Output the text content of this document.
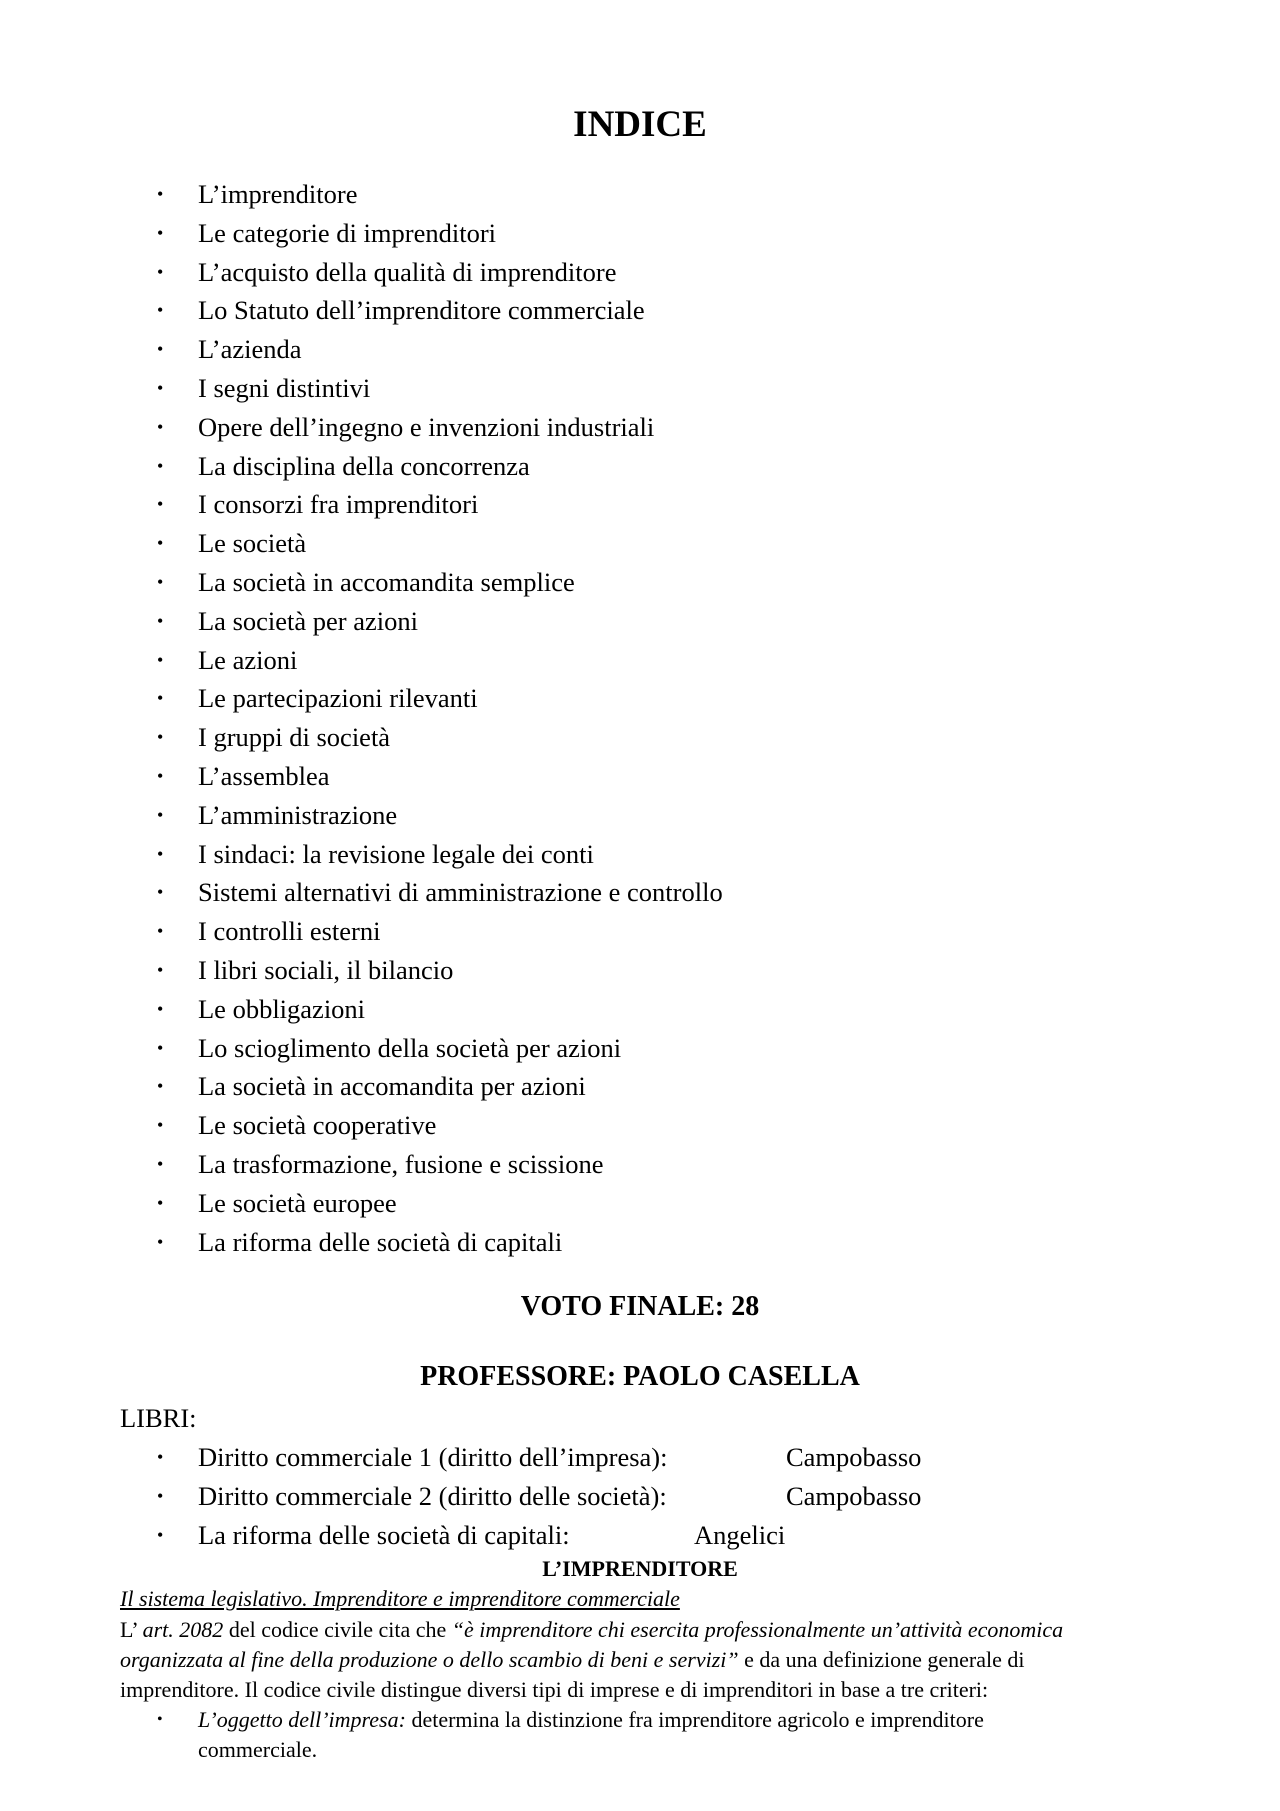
INDICE
• L’imprenditore
• Le categorie di imprenditori
• L’acquisto della qualità di imprenditore
• Lo Statuto dell’imprenditore commerciale
• L’azienda
• I segni distintivi
• Opere dell’ingegno e invenzioni industriali
• La disciplina della concorrenza
• I consorzi fra imprenditori
• Le società
• La società in accomandita semplice
• La società per azioni
• Le azioni
• Le partecipazioni rilevanti
• I gruppi di società
• L’assemblea
• L’amministrazione
• I sindaci: la revisione legale dei conti
• Sistemi alternativi di amministrazione e controllo
• I controlli esterni
• I libri sociali, il bilancio
• Le obbligazioni
• Lo scioglimento della società per azioni
• La società in accomandita per azioni
• Le società cooperative
• La trasformazione, fusione e scissione
• Le società europee
• La riforma delle società di capitali

VOTO FINALE: 28

PROFESSORE: PAOLO CASELLA

LIBRI:

• Diritto commerciale 1 (diritto dell’impresa):	Campobasso
• Diritto commerciale 2 (diritto delle società):	Campobasso
• La riforma delle società di capitali:	Angelici

L’IMPRENDITORE

Il sistema legislativo. Imprenditore e imprenditore commerciale

L’ art. 2082 del codice civile cita che “è imprenditore chi esercita professionalmente un’attività economica
organizzata al fine della produzione o dello scambio di beni e servizi” e da una definizione generale di
imprenditore. Il codice civile distingue diversi tipi di imprese e di imprenditori in base a tre criteri:
•	L’oggetto dell’impresa: determina la distinzione fra imprenditore agricolo e imprenditore
commerciale.
